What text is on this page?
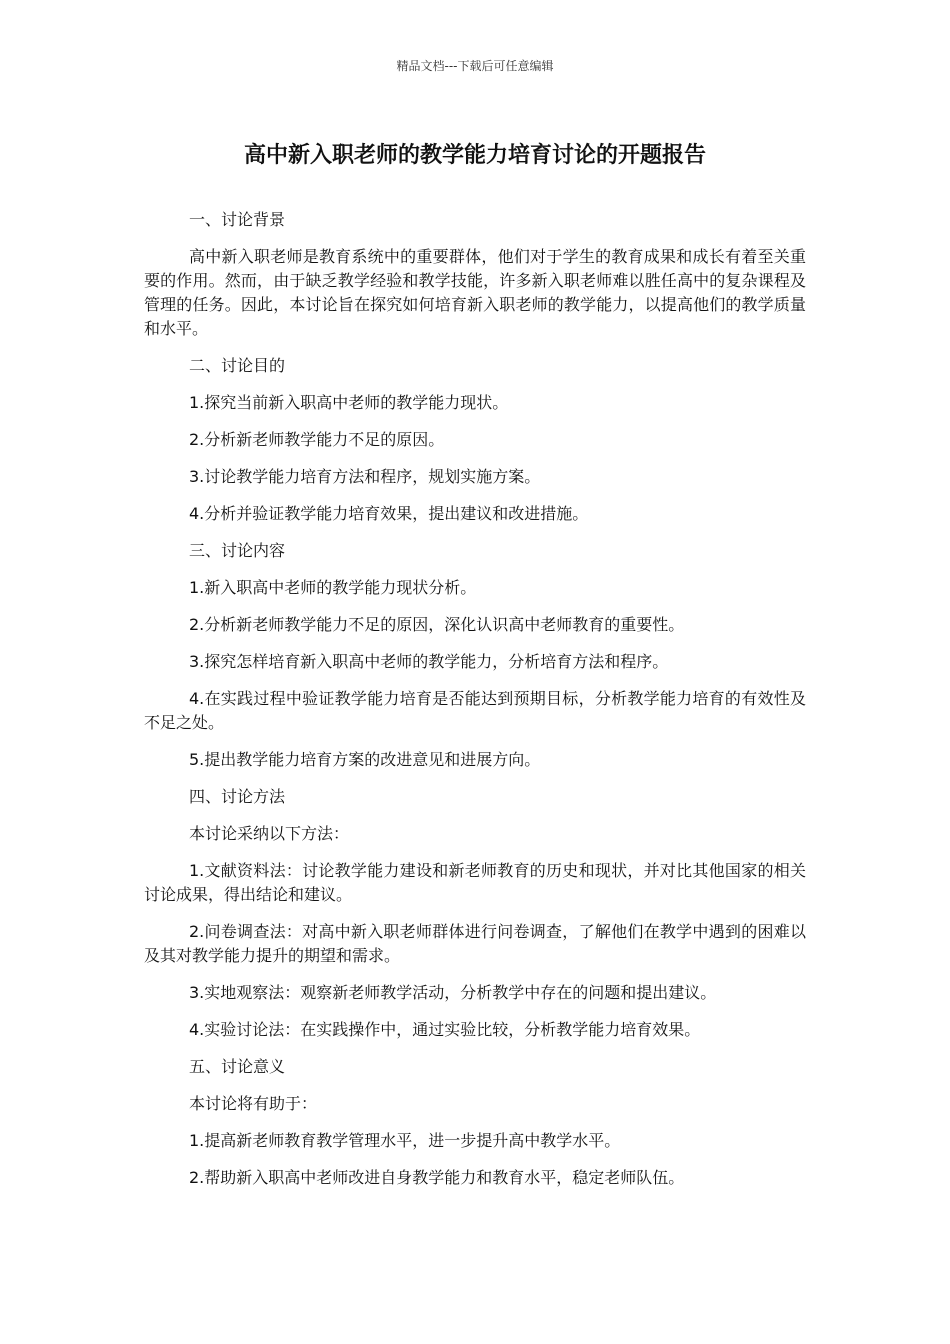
精品文档---下载后可任意编辑
高中新入职老师的教学能力培育讨论的开题报告

一、讨论背景

高中新入职老师是教育系统中的重要群体，他们对于学生的教育成果和成长有着至关重要的作用。然而，由于缺乏教学经验和教学技能，许多新入职老师难以胜任高中的复杂课程及管理的任务。因此，本讨论旨在探究如何培育新入职老师的教学能力，以提高他们的教学质量和水平。

二、讨论目的

1.探究当前新入职高中老师的教学能力现状。

2.分析新老师教学能力不足的原因。

3.讨论教学能力培育方法和程序，规划实施方案。

4.分析并验证教学能力培育效果，提出建议和改进措施。

三、讨论内容

1.新入职高中老师的教学能力现状分析。

2.分析新老师教学能力不足的原因，深化认识高中老师教育的重要性。

3.探究怎样培育新入职高中老师的教学能力，分析培育方法和程序。

4.在实践过程中验证教学能力培育是否能达到预期目标，分析教学能力培育的有效性及不足之处。

5.提出教学能力培育方案的改进意见和进展方向。

四、讨论方法

本讨论采纳以下方法：

1.文献资料法：讨论教学能力建设和新老师教育的历史和现状，并对比其他国家的相关讨论成果，得出结论和建议。

2.问卷调查法：对高中新入职老师群体进行问卷调查，了解他们在教学中遇到的困难以及其对教学能力提升的期望和需求。

3.实地观察法：观察新老师教学活动，分析教学中存在的问题和提出建议。

4.实验讨论法：在实践操作中，通过实验比较，分析教学能力培育效果。

五、讨论意义

本讨论将有助于：

1.提高新老师教育教学管理水平，进一步提升高中教学水平。

2.帮助新入职高中老师改进自身教学能力和教育水平，稳定老师队伍。
